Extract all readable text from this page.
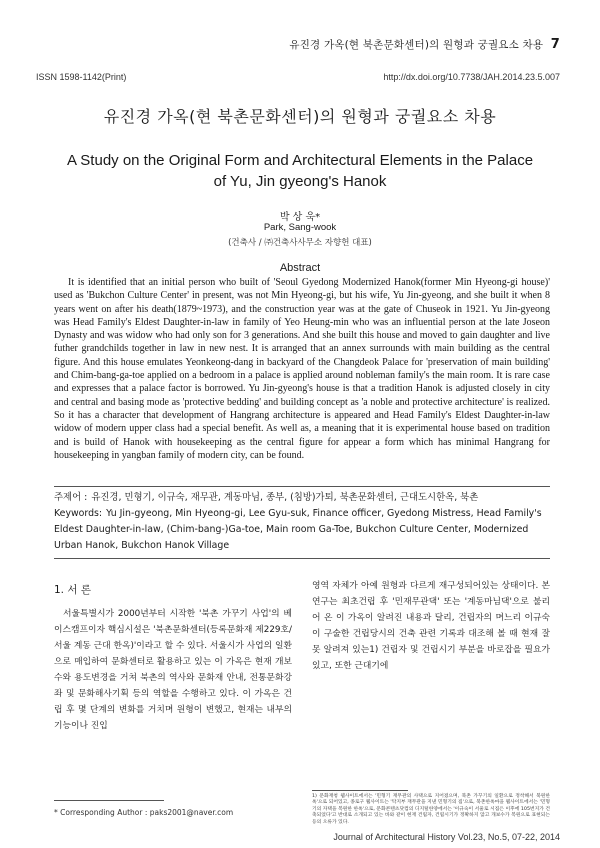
유진경 가옥(현 북촌문화센터)의 원형과 궁궐요소 차용 7
ISSN 1598-1142(Print)	http://dx.doi.org/10.7738/JAH.2014.23.5.007
유진경 가옥(현 북촌문화센터)의 원형과 궁궐요소 차용
A Study on the Original Form and Architectural Elements in the Palace of Yu, Jin gyeong's Hanok
박 상 욱*
Park, Sang-wook
(건축사 / ㈜건축사사무소 자향헌 대표)
Abstract
It is identified that an initial person who built of 'Seoul Gyedong Modernized Hanok(former Min Hyeong-gi house)' used as 'Bukchon Culture Center' in present, was not Min Hyeong-gi, but his wife, Yu Jin-gyeong, and she built it when 8 years went on after his death(1879~1973), and the construction year was at the gate of Chuseok in 1921. Yu Jin-gyeong was Head Family's Eldest Daughter-in-law in family of Yeo Heung-min who was an influential person at the late Joseon Dynasty and was widow who had only son for 3 generations. And she built this house and moved to gain daughter and live futher grandchilds together in law in new nest. It is arranged that an annex surrounds with main building as the central figure. And this house emulates Yeonkeong-dang in backyard of the Changdeok Palace for 'preservation of main building' and Chim-bang-ga-toe applied on a bedroom in a palace is applied around nobleman family's the main room. It is rare case and expresses that a palace factor is borrowed. Yu Jin-gyeong's house is that a tradition Hanok is adjusted closely in city and central and basing mode as 'protective bedding' and building concept as 'a noble and protective architecture' is realized. So it has a character that development of Hangrang architecture is appeared and Head Family's Eldest Daughter-in-law widow of modern upper class had a special benefit. As well as, a meaning that it is experimental house based on tradition and is build of Hanok with housekeeping as the central figure for appear a form which has minimal Hangrang for housekeeping in yangban family of modern city, can be found.
주제어 : 유진경, 민형기, 이규숙, 재무관, 계동마님, 종부, (침방)가퇴, 북촌문화센터, 근대도시한옥, 북촌
Keywords: Yu Jin-gyeong, Min Hyeong-gi, Lee Gyu-suk, Finance officer, Gyedong Mistress, Head Family's Eldest Daughter-in-law, (Chim-bang-)Ga-toe, Main room Ga-Toe, Bukchon Culture Center, Modernized Urban Hanok, Bukchon Hanok Village
1. 서 론

서울특별시가 2000년부터 시작한 '북촌 가꾸기 사업'의 베이스캠프이자 핵심시설은 '북촌문화센터(등록문화재 제229호/서울 계동 근대 한옥)'이라고 할 수 있다. 서울시가 사업의 일환으로 매입하여 문화센터로 활용하고 있는 이 가옥은 현재 개보수와 용도변경을 거쳐 북촌의 역사와 문화재 안내, 전통문화강좌 및 문화해사기획 등의 역할을 수행하고 있다. 이 가옥은 건립 후 몇 단계의 변화를 거치며 원형이 변했고, 현재는 내부의 기능이나 진입

영역 자체가 아예 원형과 다르게 재구성되어있는 상태이다. 본 연구는 최초건립 후 '민재무관댁' 또는 '계동마님댁'으로 불리어 온 이 가옥이 알려진 내용과 달리, 건립자의 며느리 이규숙이 구술한 건립당시의 건축 관련 기록과 대조해 볼 때 현재 잘못 알려져 있는1) 건립자 및 건립시기 부분을 바로잡을 필요가 있고, 또한 근대기에

1) 문화재청 웹사이트에서는 '민형기 재무관의 사택으로 지어졌으며, 북촌 가꾸기의 일환으로 정착해서 북원한옥'으로 되어있고, 종로구 웹사이트는 '탁지부 재무관을 지낸 민형기의 집'으로, 북촌한옥마을 웹사이트에서는 '민형기의 자택을 복원한 한옥'으로, 문화콘텐츠닷컴의 디지털한양에서는 '이규숙이 서울로 시집은 이후에 105번지가 건축되었다'고 반대로 소개되고 있는 바와 같이 현재 건립자, 건립시기가 정확하지 않고 개보수가 복원으로 표현되는 등의 오류가 있다.
* Corresponding Author : paks2001@naver.com
Journal of Architectural History Vol.23, No.5, 07-22, 2014
